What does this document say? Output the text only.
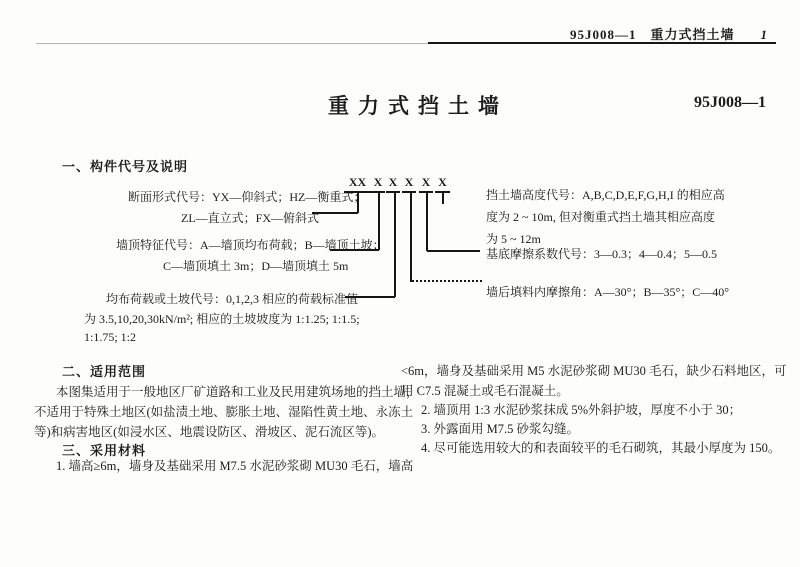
95J008—1 重力式挡土墙 1
重力式挡土墙	95J008—1
一、构件代号及说明
XX X X X X X
断面形式代号：YX—仰斜式；HZ—衡重式；
ZL—直立式；FX—俯斜式
墙顶特征代号：A—墙顶均布荷载；B—墙顶土坡；
C—墙顶填土 3m；D—墙顶填土 5m
均布荷载或土坡代号：0,1,2,3 相应的荷载标准值
为 3.5,10,20,30kN/m²; 相应的土坡坡度为 1:1.25; 1:1.5;
1:1.75; 1:2
挡土墙高度代号：A,B,C,D,E,F,G,H,I 的相应高
度为 2 ~ 10m, 但对衡重式挡土墙其相应高度
为 5 ~ 12m
基底摩擦系数代号：3—0.3；4—0.4；5—0.5
墙后填料内摩擦角：A—30°；B—35°；C—40°
二、适用范围
本图集适用于一般地区厂矿道路和工业及民用建筑场地的挡土墙，
不适用于特殊土地区(如盐渍土地、膨胀土地、湿陷性黄土地、永冻土
等)和病害地区(如浸水区、地震设防区、滑坡区、泥石流区等)。
三、采用材料
1. 墙高≥6m，墙身及基础采用 M7.5 水泥砂浆砌 MU30 毛石，墙高
<6m，墙身及基础采用 M5 水泥砂浆砌 MU30 毛石，缺少石料地区，可
用 C7.5 混凝土或毛石混凝土。
2. 墙顶用 1:3 水泥砂浆抹成 5%外斜护坡，厚度不小于 30；
3. 外露面用 M7.5 砂浆勾缝。
4. 尽可能选用较大的和表面较平的毛石砌筑，其最小厚度为 150。
